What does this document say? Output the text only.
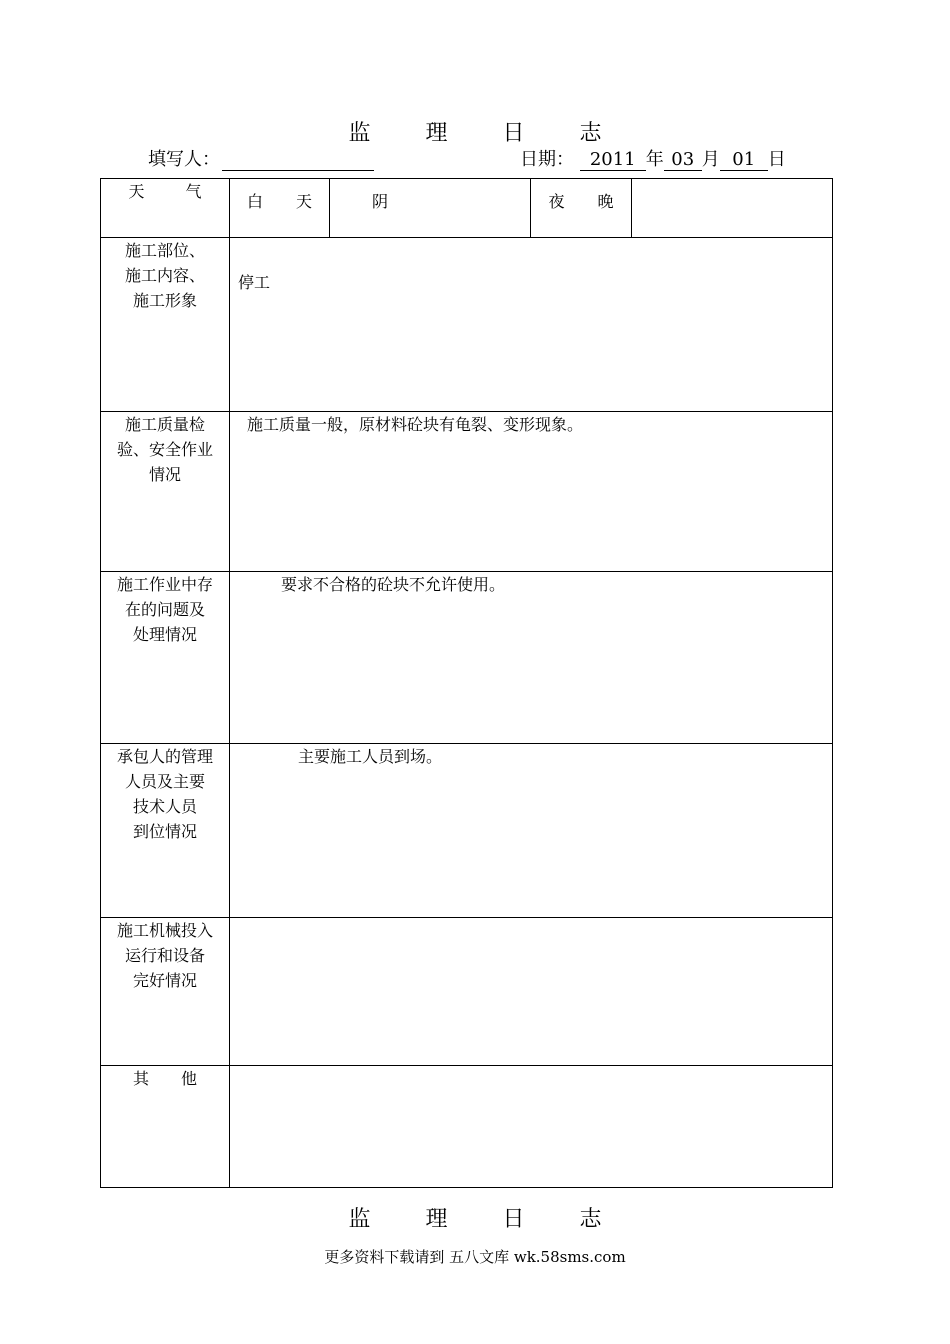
监 理 日 志
填写人：	日期： 2011 年 03 月 01 日
天 气	白 天	阴	夜 晚	

施工部位、
施工内容、
施工形象	停工			

施工质量检
验、安全作业
情况	施工质量一般，原材料砼块有龟裂、变形现象。			

施工作业中存
在的问题及
处理情况	要求不合格的砼块不允许使用。			

承包人的管理
人员及主要
技术人员
到位情况	主要施工人员到场。			

施工机械投入
运行和设备
完好情况				

其　　他				

监 理 日 志
更多资料下载请到 五八文库 wk.58sms.com
